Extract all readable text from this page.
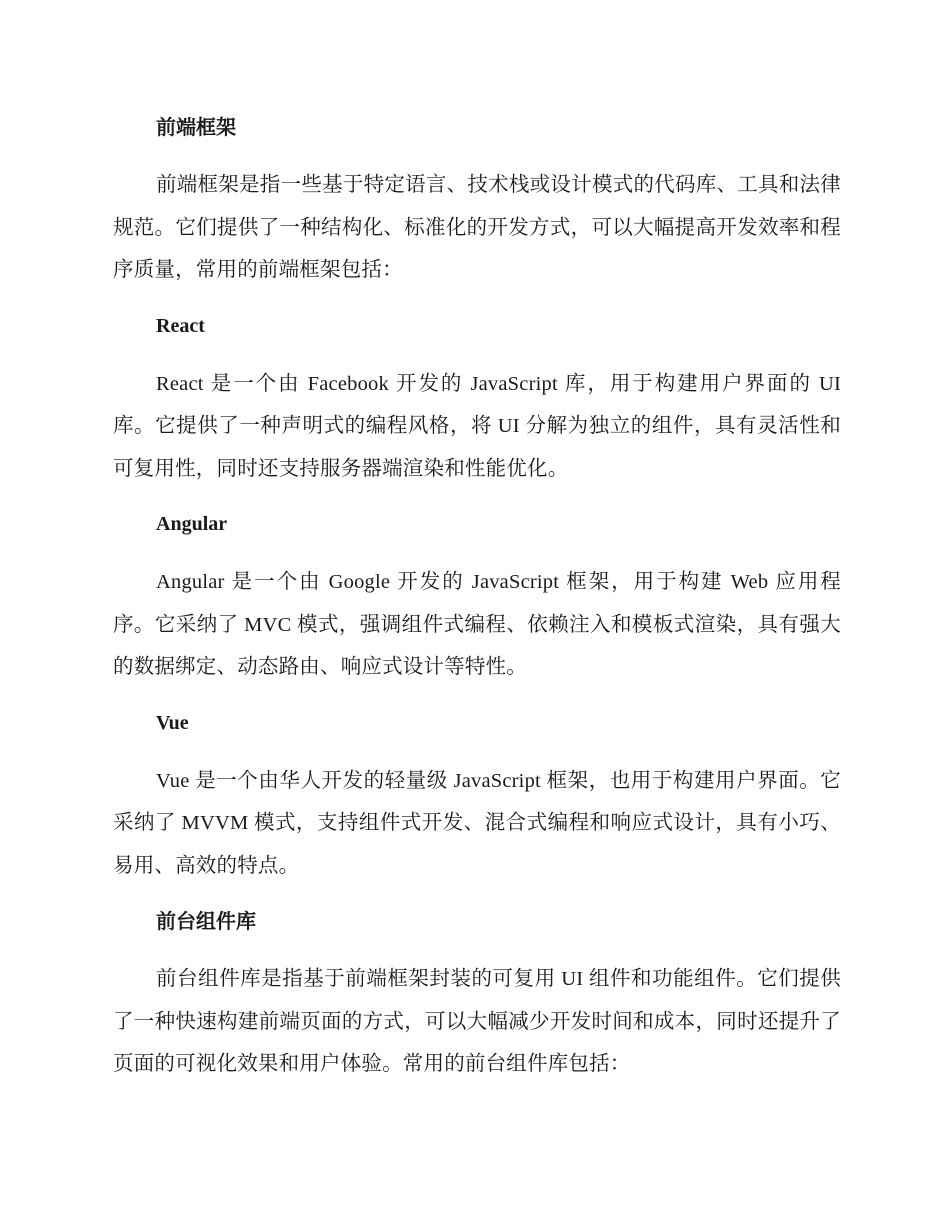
前端框架

前端框架是指一些基于特定语言、技术栈或设计模式的代码库、工具和法律规范。它们提供了一种结构化、标准化的开发方式，可以大幅提高开发效率和程序质量，常用的前端框架包括：

React

React 是一个由 Facebook 开发的 JavaScript 库，用于构建用户界面的 UI 库。它提供了一种声明式的编程风格，将 UI 分解为独立的组件，具有灵活性和可复用性，同时还支持服务器端渲染和性能优化。

Angular

Angular 是一个由 Google 开发的 JavaScript 框架，用于构建 Web 应用程序。它采纳了 MVC 模式，强调组件式编程、依赖注入和模板式渲染，具有强大的数据绑定、动态路由、响应式设计等特性。

Vue

Vue 是一个由华人开发的轻量级 JavaScript 框架，也用于构建用户界面。它采纳了 MVVM 模式，支持组件式开发、混合式编程和响应式设计，具有小巧、易用、高效的特点。

前台组件库

前台组件库是指基于前端框架封装的可复用 UI 组件和功能组件。它们提供了一种快速构建前端页面的方式，可以大幅减少开发时间和成本，同时还提升了页面的可视化效果和用户体验。常用的前台组件库包括：
